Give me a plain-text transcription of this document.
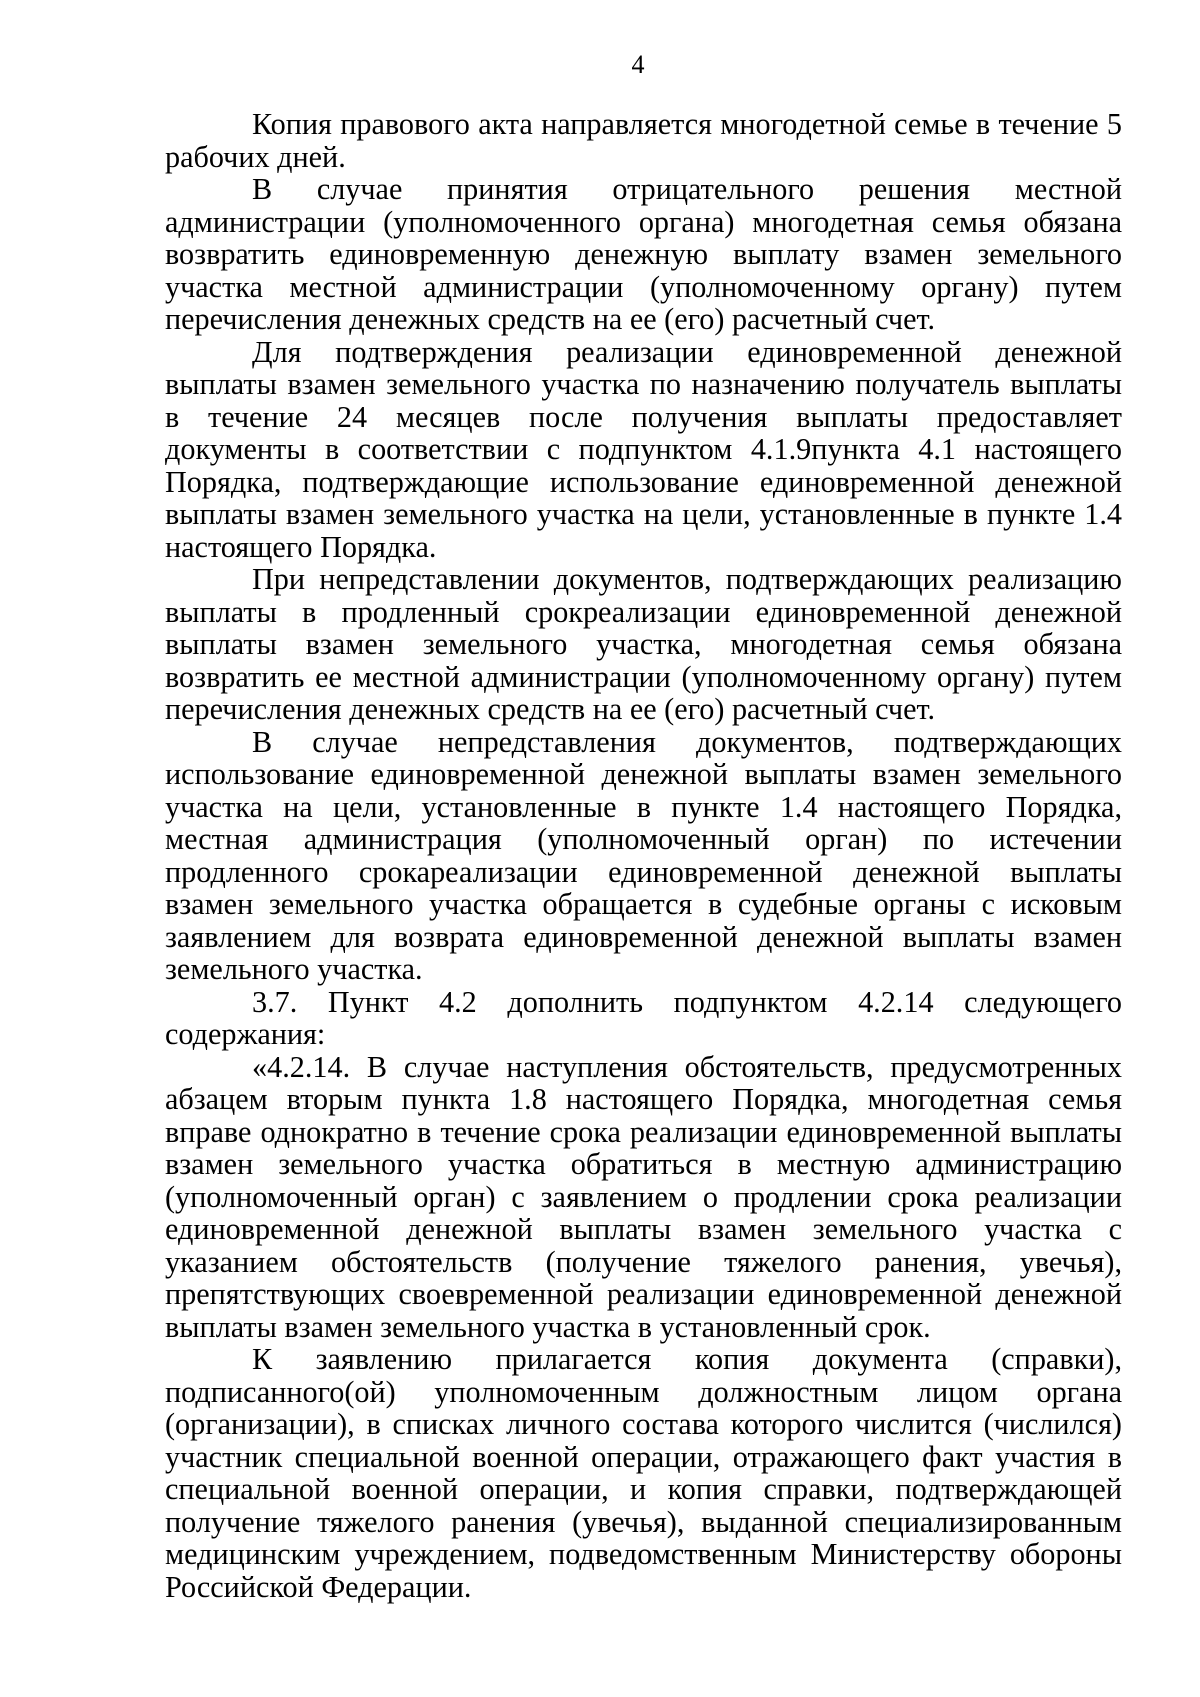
4

Копия правового акта направляется многодетной семье в течение 5 рабочих дней.

В случае принятия отрицательного решения местной администрации (уполномоченного органа) многодетная семья обязана возвратить единовременную денежную выплату взамен земельного участка местной администрации (уполномоченному органу) путем перечисления денежных средств на ее (его) расчетный счет.

Для подтверждения реализации единовременной денежной выплаты взамен земельного участка по назначению получатель выплаты в течение 24 месяцев после получения выплаты предоставляет документы в соответствии с подпунктом 4.1.9пункта 4.1 настоящего Порядка, подтверждающие использование единовременной денежной выплаты взамен земельного участка на цели, установленные в пункте 1.4 настоящего Порядка.

При непредставлении документов, подтверждающих реализацию выплаты в продленный срокреализации единовременной денежной выплаты взамен земельного участка, многодетная семья обязана возвратить ее местной администрации (уполномоченному органу) путем перечисления денежных средств на ее (его) расчетный счет.

В случае непредставления документов, подтверждающих использование единовременной денежной выплаты взамен земельного участка на цели, установленные в пункте 1.4 настоящего Порядка, местная администрация (уполномоченный орган) по истечении продленного срокареализации единовременной денежной выплаты взамен земельного участка обращается в судебные органы с исковым заявлением для возврата единовременной денежной выплаты взамен земельного участка.

3.7. Пункт 4.2 дополнить подпунктом 4.2.14 следующего содержания:

«4.2.14. В случае наступления обстоятельств, предусмотренных абзацем вторым пункта 1.8 настоящего Порядка, многодетная семья вправе однократно в течение срока реализации единовременной выплаты взамен земельного участка обратиться в местную администрацию (уполномоченный орган) с заявлением о продлении срока реализации единовременной денежной выплаты взамен земельного участка с указанием обстоятельств (получение тяжелого ранения, увечья), препятствующих своевременной реализации единовременной денежной выплаты взамен земельного участка в установленный срок.

К заявлению прилагается копия документа (справки), подписанного(ой) уполномоченным должностным лицом органа (организации), в списках личного состава которого числится (числился) участник специальной военной операции, отражающего факт участия в специальной военной операции, и копия справки, подтверждающей получение тяжелого ранения (увечья), выданной специализированным медицинским учреждением, подведомственным Министерству обороны Российской Федерации.
